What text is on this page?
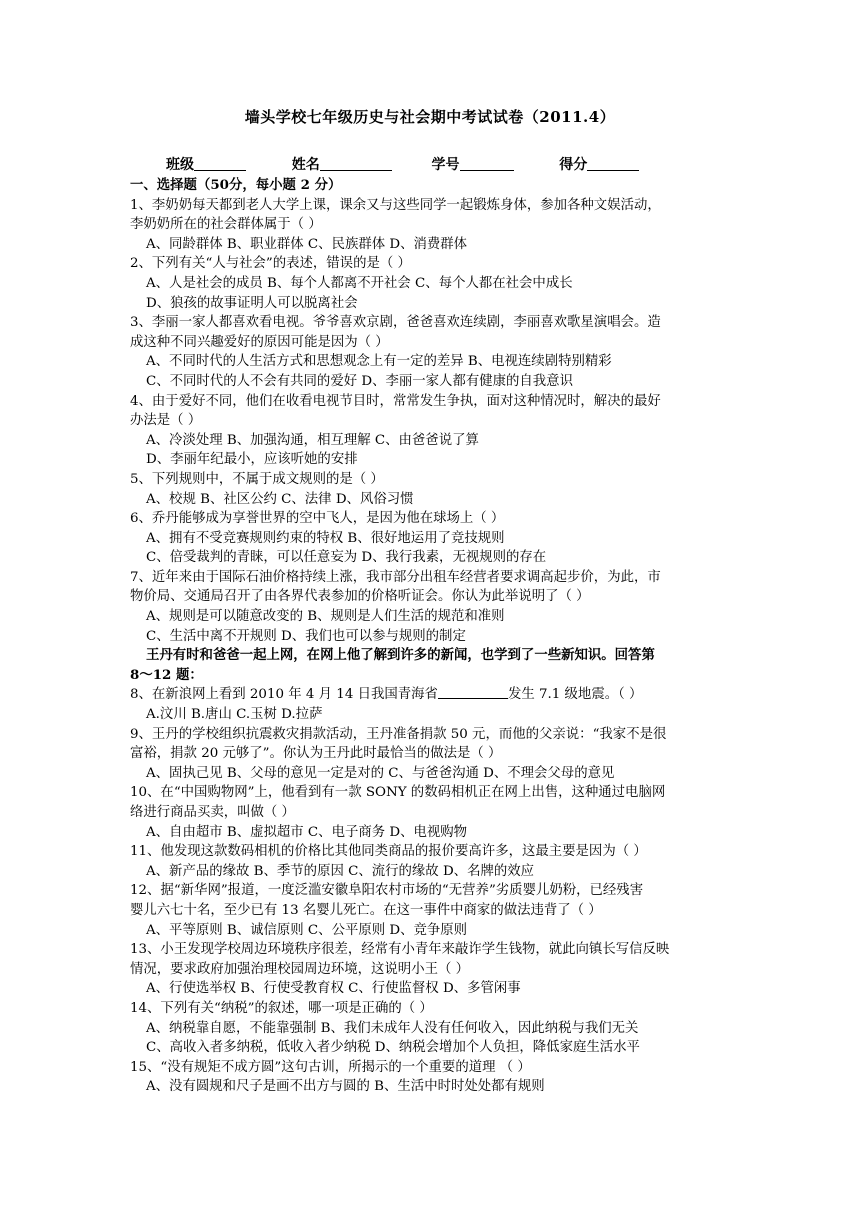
墙头学校七年级历史与社会期中考试试卷（2011.4）
班级	姓名	学号	得分
一、选择题（50分，每小题 2 分）
1、李奶奶每天都到老人大学上课，课余又与这些同学一起锻炼身体，参加各种文娱活动，
李奶奶所在的社会群体属于（ ）
A、同龄群体 B、职业群体 C、民族群体 D、消费群体
2、下列有关“人与社会”的表述，错误的是（ ）
A、人是社会的成员 B、每个人都离不开社会 C、每个人都在社会中成长
D、狼孩的故事证明人可以脱离社会
3、李丽一家人都喜欢看电视。爷爷喜欢京剧，爸爸喜欢连续剧，李丽喜欢歌星演唱会。造
成这种不同兴趣爱好的原因可能是因为（ ）
A、不同时代的人生活方式和思想观念上有一定的差异 B、电视连续剧特别精彩
C、不同时代的人不会有共同的爱好 D、李丽一家人都有健康的自我意识
4、由于爱好不同，他们在收看电视节目时，常常发生争执，面对这种情况时，解决的最好
办法是（ ）
A、冷淡处理 B、加强沟通，相互理解 C、由爸爸说了算
D、李丽年纪最小，应该听她的安排
5、下列规则中，不属于成文规则的是（ ）
A、校规 B、社区公约 C、法律 D、风俗习惯
6、乔丹能够成为享誉世界的空中飞人，是因为他在球场上（ ）
A、拥有不受竞赛规则约束的特权 B、很好地运用了竞技规则
C、倍受裁判的青睐，可以任意妄为 D、我行我素，无视规则的存在
7、近年来由于国际石油价格持续上涨，我市部分出租车经营者要求调高起步价，为此，市
物价局、交通局召开了由各界代表参加的价格听证会。你认为此举说明了（ ）
A、规则是可以随意改变的 B、规则是人们生活的规范和准则
C、生活中离不开规则 D、我们也可以参与规则的制定
王丹有时和爸爸一起上网，在网上他了解到许多的新闻，也学到了一些新知识。回答第
8～12 题：
8、在新浪网上看到 2010 年 4 月 14 日我国青海省	发生 7.1 级地震。（ ）
A.汶川 B.唐山 C.玉树 D.拉萨
9、王丹的学校组织抗震救灾捐款活动，王丹准备捐款 50 元，而他的父亲说：“我家不是很
富裕，捐款 20 元够了”。你认为王丹此时最恰当的做法是（ ）
A、固执己见 B、父母的意见一定是对的 C、与爸爸沟通 D、不理会父母的意见
10、在“中国购物网”上，他看到有一款 SONY 的数码相机正在网上出售，这种通过电脑网
络进行商品买卖，叫做（ ）
A、自由超市 B、虚拟超市 C、电子商务 D、电视购物
11、他发现这款数码相机的价格比其他同类商品的报价要高许多，这最主要是因为（ ）
A、新产品的缘故 B、季节的原因 C、流行的缘故 D、名牌的效应
12、据“新华网”报道，一度泛滥安徽阜阳农村市场的“无营养”劣质婴儿奶粉，已经残害
婴儿六七十名，至少已有 13 名婴儿死亡。在这一事件中商家的做法违背了（ ）
A、平等原则 B、诚信原则 C、公平原则 D、竞争原则
13、小王发现学校周边环境秩序很差，经常有小青年来敲诈学生钱物，就此向镇长写信反映
情况，要求政府加强治理校园周边环境，这说明小王（ ）
A、行使选举权 B、行使受教育权 C、行使监督权 D、多管闲事
14、下列有关“纳税”的叙述，哪一项是正确的（ ）
A、纳税靠自愿，不能靠强制 B、我们未成年人没有任何收入，因此纳税与我们无关
C、高收入者多纳税，低收入者少纳税 D、纳税会增加个人负担，降低家庭生活水平
15、“没有规矩不成方圆”这句古训，所揭示的一个重要的道理 （ ）
A、没有圆规和尺子是画不出方与圆的 B、生活中时时处处都有规则
